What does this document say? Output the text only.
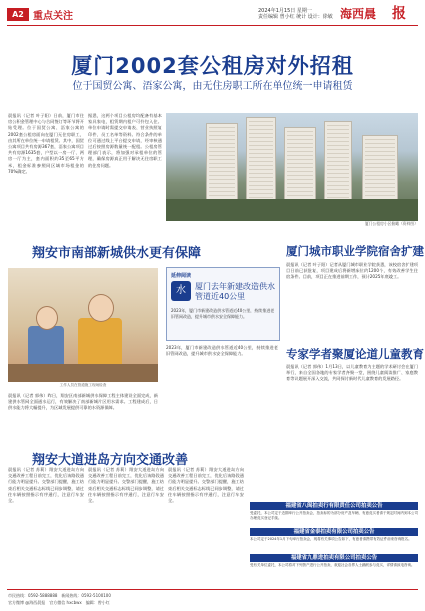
A2 重点关注	2024年1月15日 星期一
责任编辑 曾小红 统计 设计：徐敏 海西晨 报
厦门2002套公租房对外招租
位于国贸公寓、浯家公寓，由无住房职工所在单位统一申请租赁
晨报讯（记者 叶子阳）日前，厦门市住房公积金管理中心与合同签订等环节将开始受理。位于国贸公寓、浯家公寓的2002套公租房面向在厦门无住房职工，由其所在单位统一申请租赁。其中，国贸公寓项目共有房源367套，浯家公寓项目共有房源1635套，户型以一房一厅、两房一厅为主，套内面积约35至65平方米，租金标准参照同区域市场租金的70%确定。
据悉，这两个项目公租房均配备有基本家具家电，租赁期内租户可拎包入住。单位申请时需提交申请表、营业执照复印件、员工名单等资料。符合条件的单位可通过线上平台提交申请，经审核通过后按照房源数量统一配租。公租房管理部门表示，将加强对承租单位的管理，确保房源真正用于解决无住房职工的住房问题。
厦门公租房小区俯瞰（资料图）
翔安市南部新城供水更有保障
延伸阅读
水	厦门去年新建改造供水管道近40公里
2023年，厦门市新建改造供水管道近40公里，持续推进老旧管网改造，提升城市供水安全保障能力。
工作人员在管道施工现场检查
晨报讯（记者 郭伟）昨日，翔安区南部新城供水保障工程主体建设全面完成，新建供水管网全面通水运行，有效解决了南部新城片区用水需求。工程建成后，日供水能力将大幅提升，为区域发展提供可靠的水资源保障。
2023年，厦门市新建改造供水管道近40公里，持续推进老旧管网改造，提升城市供水安全保障能力。
厦门城市职业学院宿舍扩建
晨报讯（记者 叶子阳）记者从厦门城市职业学院获悉，该校宿舍扩建项目日前已获批复，项目建成后将新增床位约1200个，有效改善学生住宿条件。目前，项目正在推进前期工作，预计2025年底竣工。
专家学者聚厦论道儿童教育
晨报讯（记者 郭伟）1月13日，以儿童教育为主题的学术研讨会在厦门举行，来自全国各地的专家学者齐聚一堂，围绕儿童阅读推广、家庭教育等议题展开深入交流，共同探讨新时代儿童教育的发展路径。
翔安大道进岛方向交通改善
晨报讯（记者 苏莉）翔安大道进岛方向交通改善工程日前完工，优化后该路段通行能力明显提升。交警部门提醒，施工结束后相关交通标志标线已同步调整，请过往车辆按照指示有序通行，注意行车安全。
晨报讯（记者 苏莉）翔安大道进岛方向交通改善工程日前完工，优化后该路段通行能力明显提升。交警部门提醒，施工结束后相关交通标志标线已同步调整，请过往车辆按照指示有序通行，注意行车安全。
晨报讯（记者 苏莉）翔安大道进岛方向交通改善工程日前完工，优化后该路段通行能力明显提升。交警部门提醒，施工结束后相关交通标志标线已同步调整，请过往车辆按照指示有序通行，注意行车安全。
福建省八闽拍卖行有限责任公司拍卖公告
受委托，本公司定于近期举行公开拍卖会，拍卖标的为部分房产及车辆，有意竞买者请于规定时间内到本公司办理竞买登记手续。
福建省金泰拍卖有限公司拍卖公告
本公司定于2024年1月下旬举行拍卖会，现将有关事项公告如下，有意者请携带有效证件前来咨询报名。
福建省九鼎进拍卖有限公司拍卖公告
受有关单位委托，本公司将对下列资产进行公开拍卖，欢迎社会各界人士踊跃参与竞买，详情请致电咨询。
市民热线：0592-5888888　新闻热线：0592-5100100
官方微博 @海西晨报　官方微信 hxcbwx　编辑：曾小红
